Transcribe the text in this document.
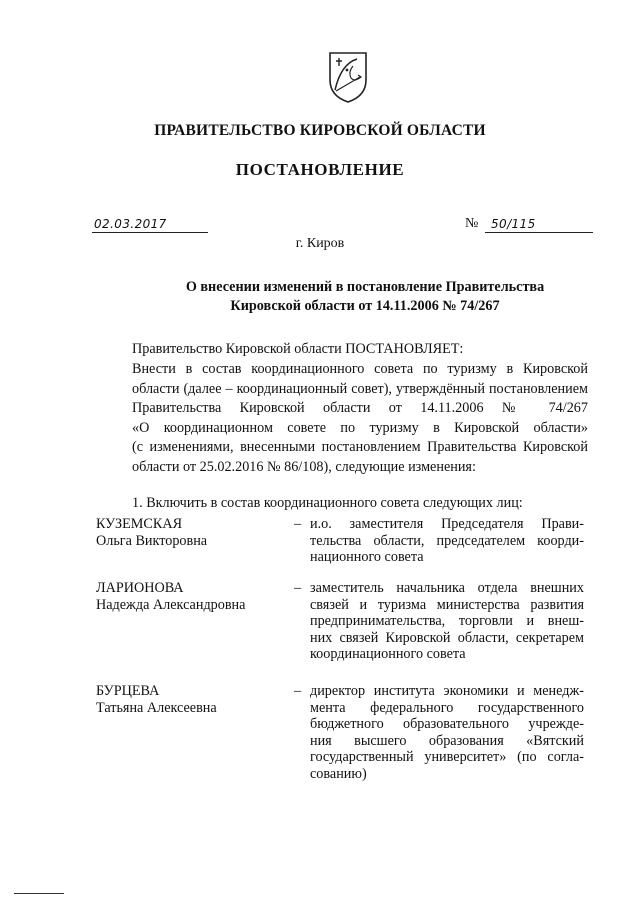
ПРАВИТЕЛЬСТВО КИРОВСКОЙ ОБЛАСТИ
ПОСТАНОВЛЕНИЕ
02.03.2017	№ 50/115
г. Киров
О внесении изменений в постановление Правительства
Кировской области от 14.11.2006 № 74/267
Правительство Кировской области ПОСТАНОВЛЯЕТ:
Внести в состав координационного совета по туризму в Кировской
области (далее – координационный совет), утверждённый постановлением
Правительства Кировской области от 14.11.2006 № 74/267
«О координационном совете по туризму в Кировской области»
(с изменениями, внесенными постановлением Правительства Кировской
области от 25.02.2016 № 86/108), следующие изменения:
1. Включить в состав координационного совета следующих лиц:
КУЗЕМСКАЯ
Ольга Викторовна
– и.о. заместителя Председателя Прави-
тельства области, председателем коорди-
национного совета
ЛАРИОНОВА
Надежда Александровна
– заместитель начальника отдела внешних
связей и туризма министерства развития
предпринимательства, торговли и внеш-
них связей Кировской области, секретарем
координационного совета
БУРЦЕВА
Татьяна Алексеевна
– директор института экономики и менедж-
мента федерального государственного
бюджетного образовательного учрежде-
ния высшего образования «Вятский
государственный университет» (по согла-
сованию)
